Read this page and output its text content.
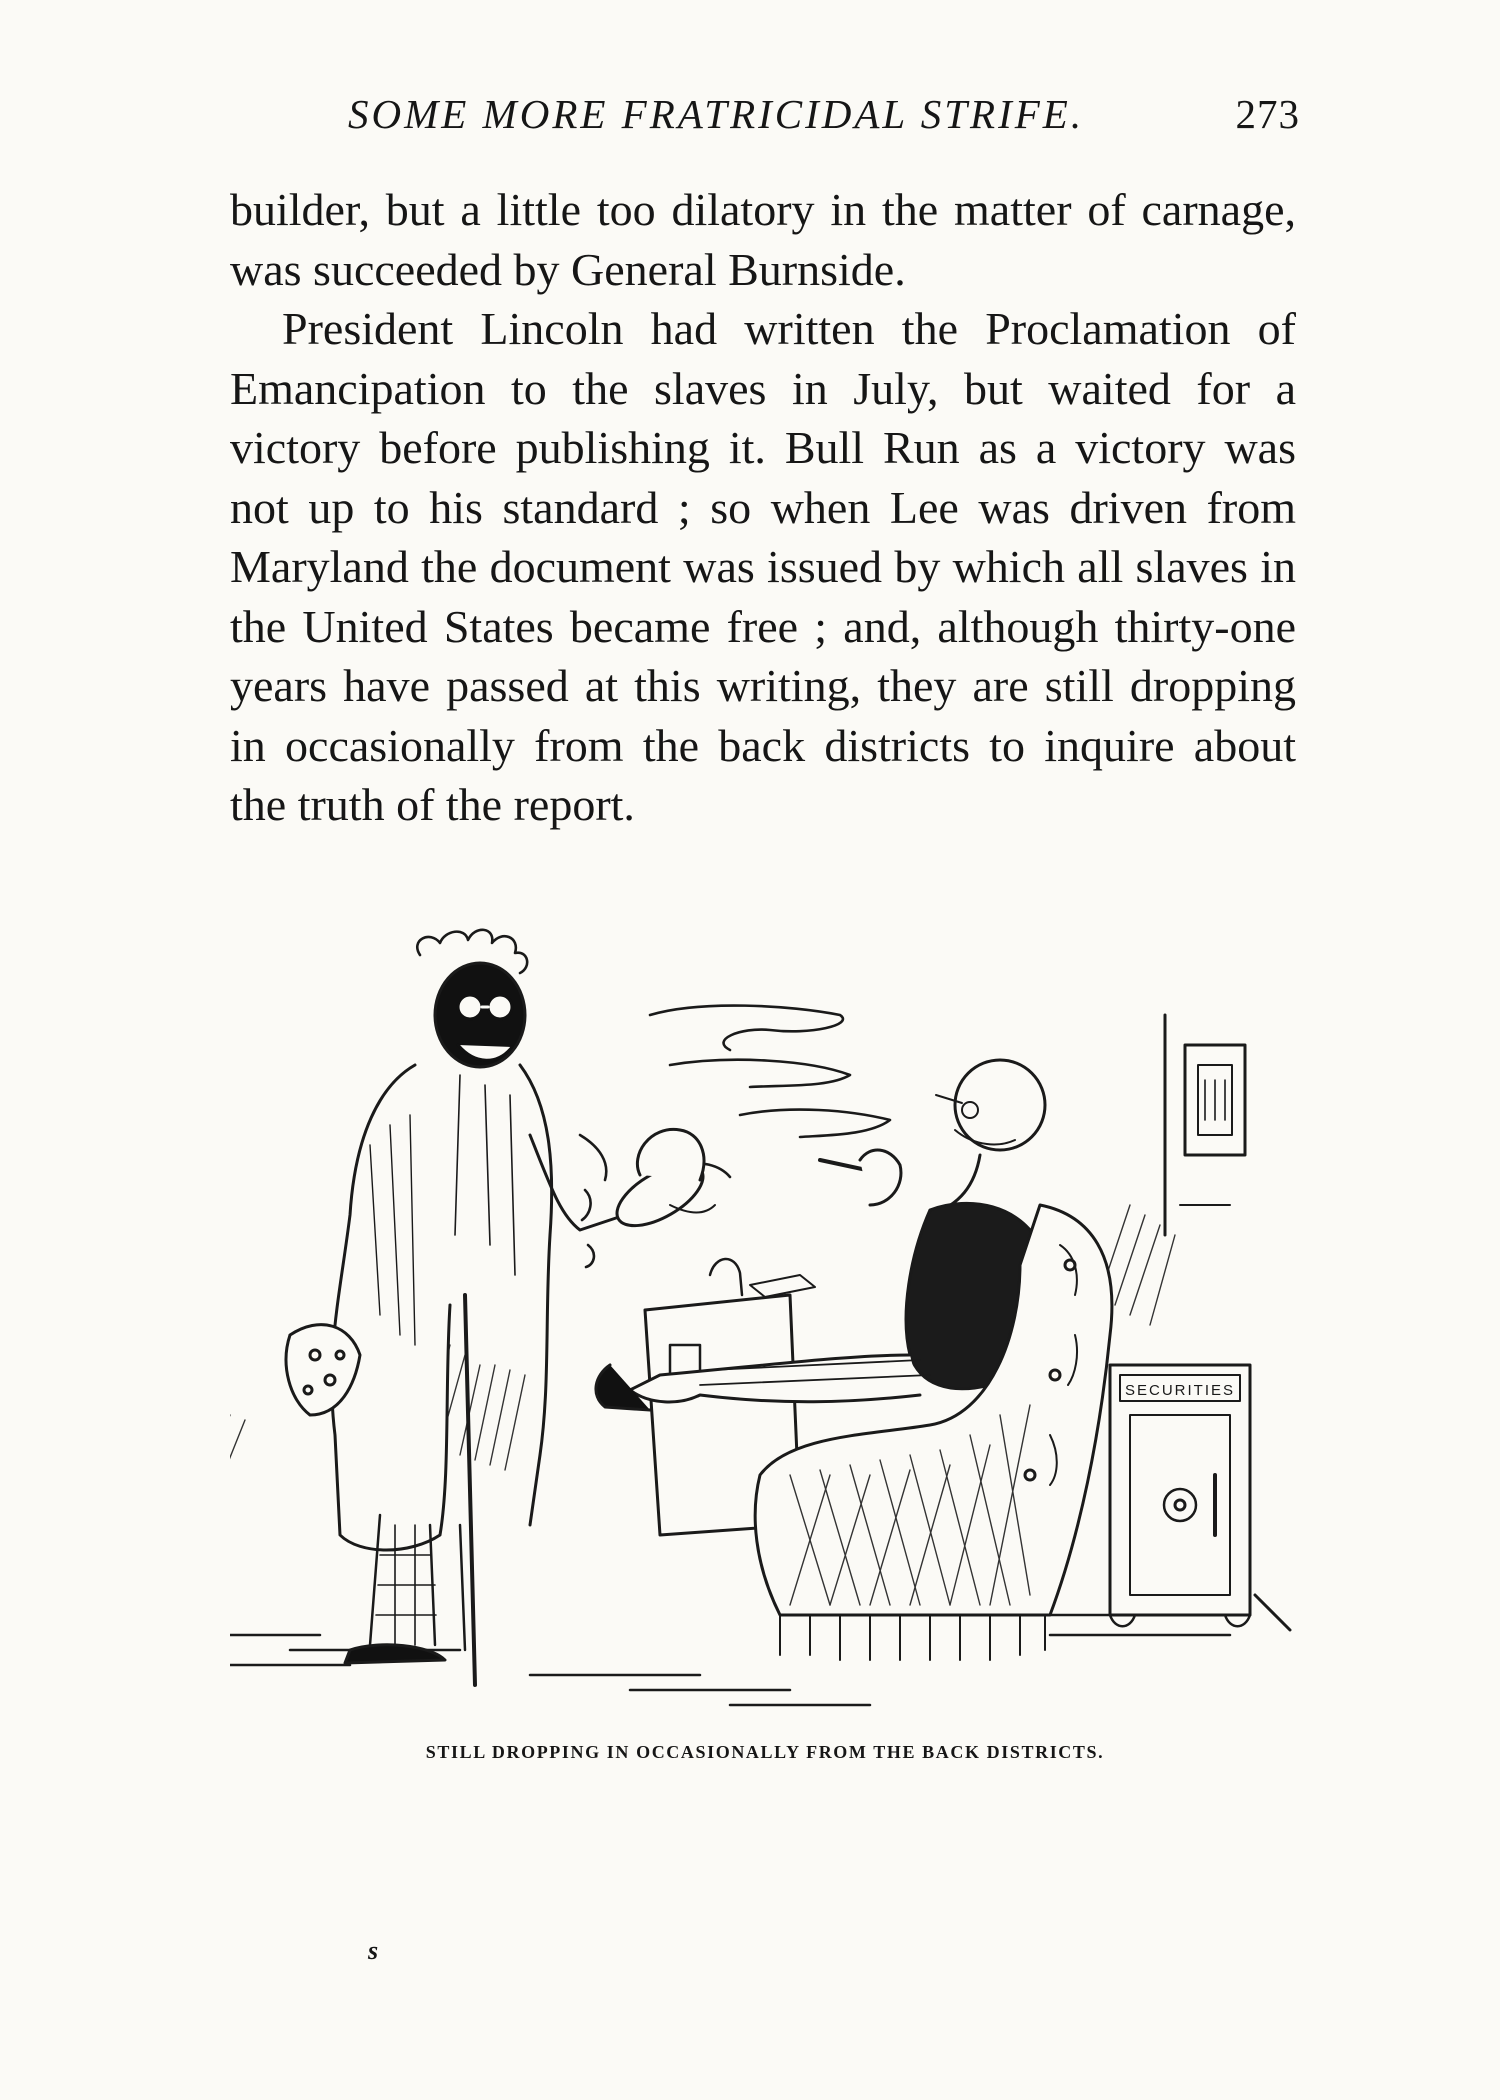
SOME MORE FRATRICIDAL STRIFE.	273

builder, but a little too dilatory in the matter of carnage, was succeeded by General Burnside.

President Lincoln had written the Proclamation of Emancipation to the slaves in July, but waited for a victory before publishing it. Bull Run as a victory was not up to his standard ; so when Lee was driven from Maryland the document was issued by which all slaves in the United States became free ; and, although thirty-one years have passed at this writing, they are still dropping in occasionally from the back districts to inquire about the truth of the report.

SECURITIES
STILL DROPPING IN OCCASIONALLY FROM THE BACK DISTRICTS.
s
